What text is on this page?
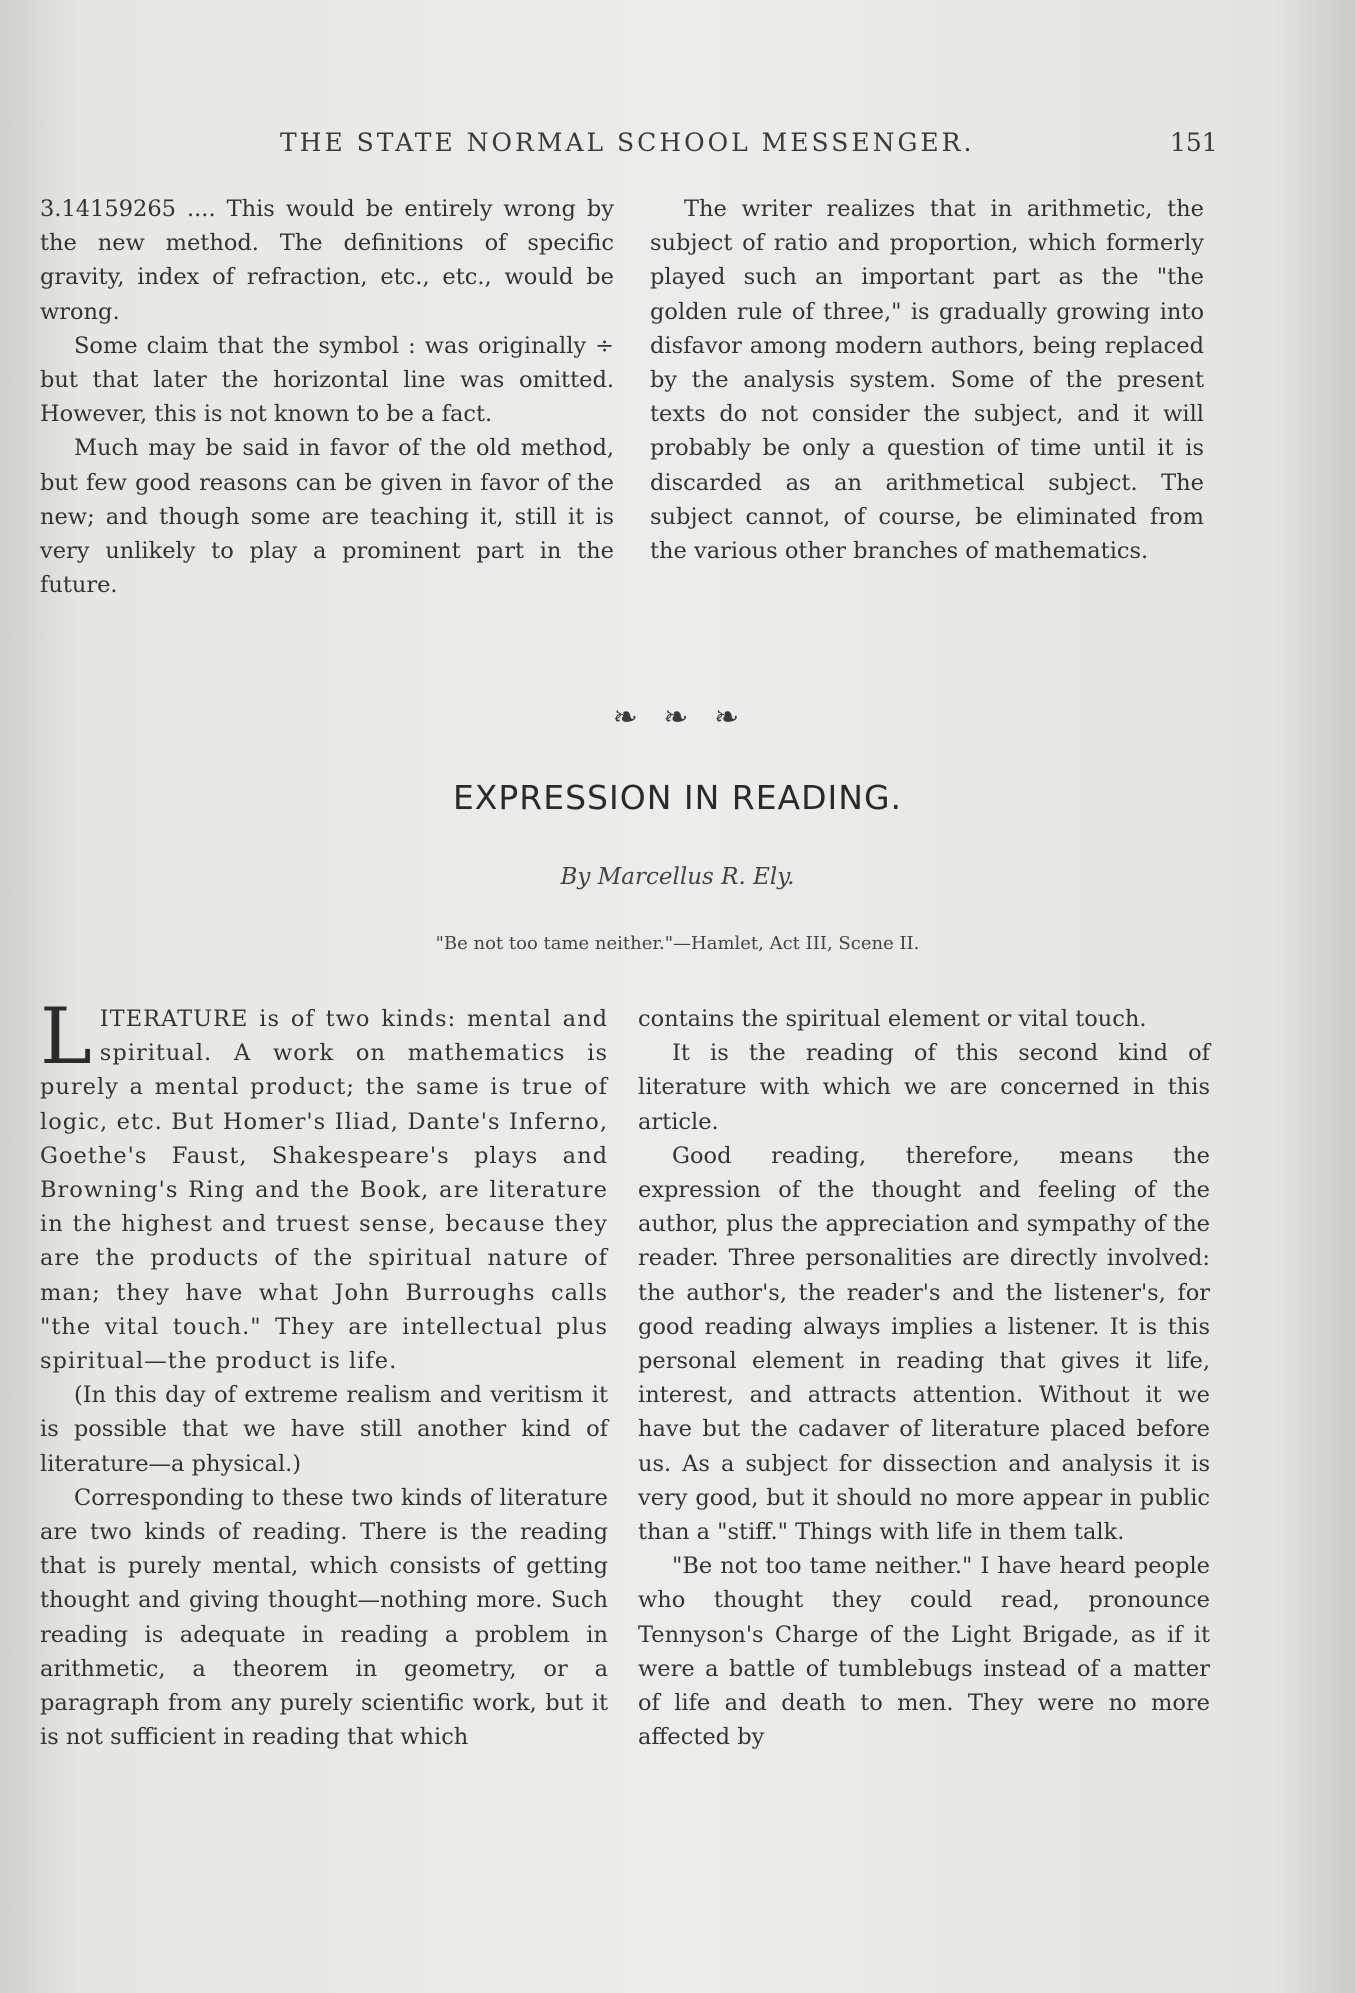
THE STATE NORMAL SCHOOL MESSENGER.	151

3.14159265 .... This would be entirely wrong by the new method. The definitions of specific gravity, index of refraction, etc., etc., would be wrong.

Some claim that the symbol : was originally ÷ but that later the horizontal line was omitted. However, this is not known to be a fact.

Much may be said in favor of the old method, but few good reasons can be given in favor of the new; and though some are teaching it, still it is very unlikely to play a prominent part in the future.

The writer realizes that in arithmetic, the subject of ratio and proportion, which formerly played such an important part as the "the golden rule of three," is gradually growing into disfavor among modern authors, being replaced by the analysis system. Some of the present texts do not consider the subject, and it will probably be only a question of time until it is discarded as an arithmetical subject. The subject cannot, of course, be eliminated from the various other branches of mathematics.

❧ ❧ ❧
EXPRESSION IN READING.
By Marcellus R. Ely.
"Be not too tame neither."—Hamlet, Act III, Scene II.

LITERATURE is of two kinds: mental and spiritual. A work on mathematics is purely a mental product; the same is true of logic, etc. But Homer's Iliad, Dante's Inferno, Goethe's Faust, Shakespeare's plays and Browning's Ring and the Book, are literature in the highest and truest sense, because they are the products of the spiritual nature of man; they have what John Burroughs calls "the vital touch." They are intellectual plus spiritual—the product is life.

(In this day of extreme realism and veritism it is possible that we have still another kind of literature—a physical.)

Corresponding to these two kinds of literature are two kinds of reading. There is the reading that is purely mental, which consists of getting thought and giving thought—nothing more. Such reading is adequate in reading a problem in arithmetic, a theorem in geometry, or a paragraph from any purely scientific work, but it is not sufficient in reading that which

contains the spiritual element or vital touch.

It is the reading of this second kind of literature with which we are concerned in this article.

Good reading, therefore, means the expression of the thought and feeling of the author, plus the appreciation and sympathy of the reader. Three personalities are directly involved: the author's, the reader's and the listener's, for good reading always implies a listener. It is this personal element in reading that gives it life, interest, and attracts attention. Without it we have but the cadaver of literature placed before us. As a subject for dissection and analysis it is very good, but it should no more appear in public than a "stiff." Things with life in them talk.

"Be not too tame neither." I have heard people who thought they could read, pronounce Tennyson's Charge of the Light Brigade, as if it were a battle of tumblebugs instead of a matter of life and death to men. They were no more affected by
